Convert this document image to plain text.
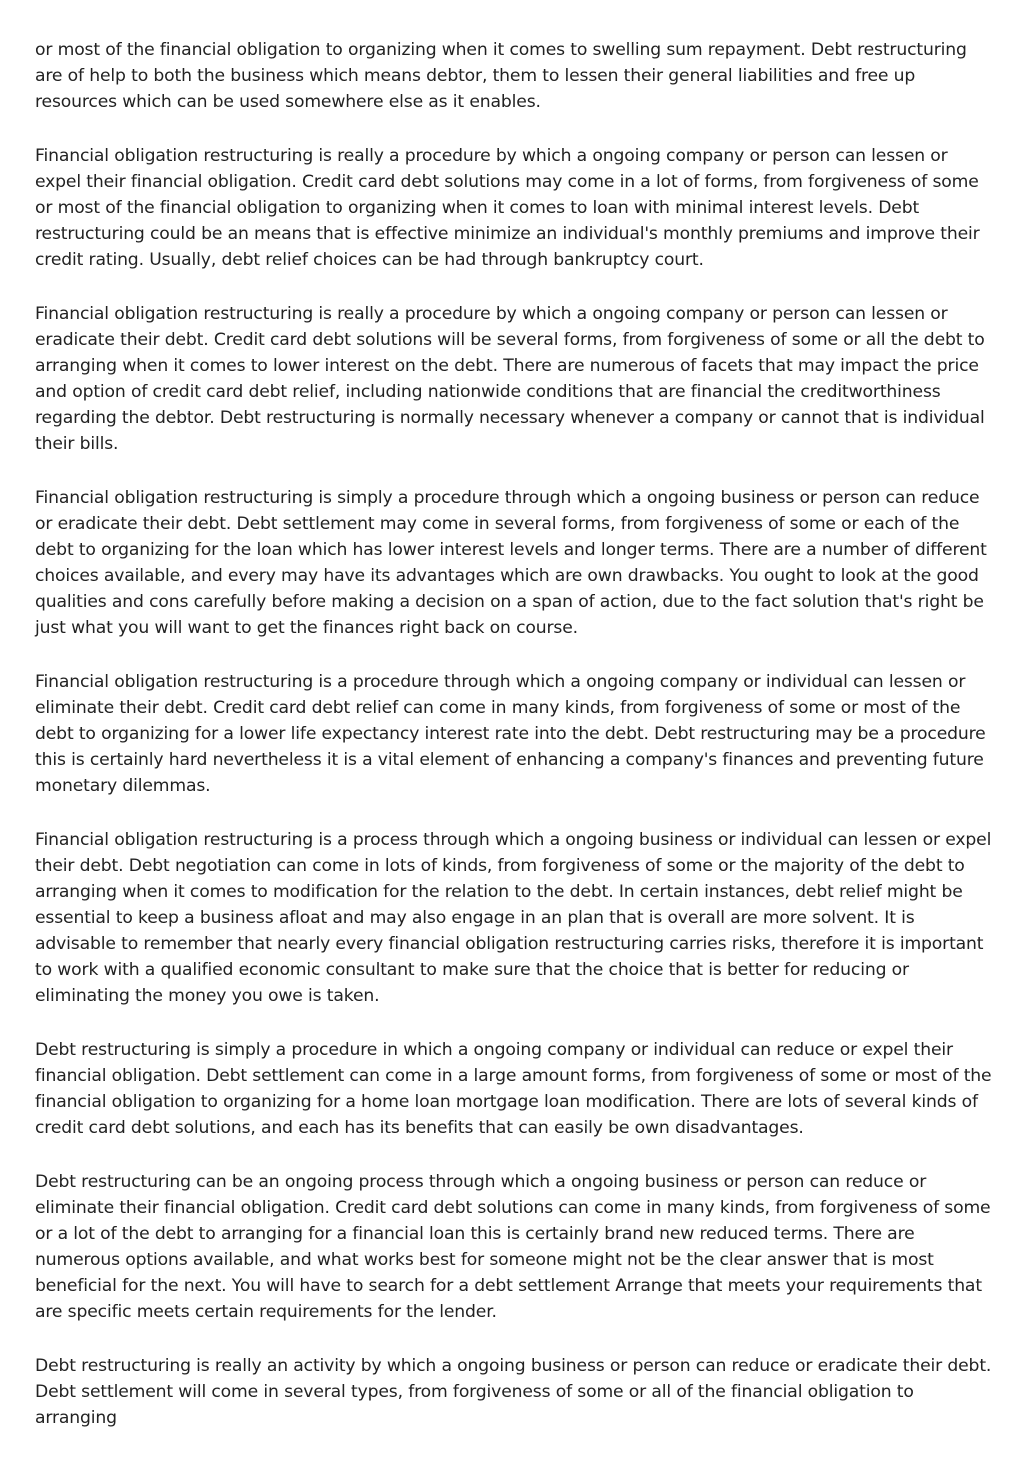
or most of the financial obligation to organizing when it comes to swelling sum repayment. Debt restructuring are of help to both the business which means debtor, them to lessen their general liabilities and free up resources which can be used somewhere else as it enables.

Financial obligation restructuring is really a procedure by which a ongoing company or person can lessen or expel their financial obligation. Credit card debt solutions may come in a lot of forms, from forgiveness of some or most of the financial obligation to organizing when it comes to loan with minimal interest levels. Debt restructuring could be an means that is effective minimize an individual's monthly premiums and improve their credit rating. Usually, debt relief choices can be had through bankruptcy court.

Financial obligation restructuring is really a procedure by which a ongoing company or person can lessen or eradicate their debt. Credit card debt solutions will be several forms, from forgiveness of some or all the debt to arranging when it comes to lower interest on the debt. There are numerous of facets that may impact the price and option of credit card debt relief, including nationwide conditions that are financial the creditworthiness regarding the debtor. Debt restructuring is normally necessary whenever a company or cannot that is individual their bills.

Financial obligation restructuring is simply a procedure through which a ongoing business or person can reduce or eradicate their debt. Debt settlement may come in several forms, from forgiveness of some or each of the debt to organizing for the loan which has lower interest levels and longer terms. There are a number of different choices available, and every may have its advantages which are own drawbacks. You ought to look at the good qualities and cons carefully before making a decision on a span of action, due to the fact solution that's right be just what you will want to get the finances right back on course.

Financial obligation restructuring is a procedure through which a ongoing company or individual can lessen or eliminate their debt. Credit card debt relief can come in many kinds, from forgiveness of some or most of the debt to organizing for a lower life expectancy interest rate into the debt. Debt restructuring may be a procedure this is certainly hard nevertheless it is a vital element of enhancing a company's finances and preventing future monetary dilemmas.

Financial obligation restructuring is a process through which a ongoing business or individual can lessen or expel their debt. Debt negotiation can come in lots of kinds, from forgiveness of some or the majority of the debt to arranging when it comes to modification for the relation to the debt. In certain instances, debt relief might be essential to keep a business afloat and may also engage in an plan that is overall are more solvent. It is advisable to remember that nearly every financial obligation restructuring carries risks, therefore it is important to work with a qualified economic consultant to make sure that the choice that is better for reducing or eliminating the money you owe is taken.

Debt restructuring is simply a procedure in which a ongoing company or individual can reduce or expel their financial obligation. Debt settlement can come in a large amount forms, from forgiveness of some or most of the financial obligation to organizing for a home loan mortgage loan modification. There are lots of several kinds of credit card debt solutions, and each has its benefits that can easily be own disadvantages.

Debt restructuring can be an ongoing process through which a ongoing business or person can reduce or eliminate their financial obligation. Credit card debt solutions can come in many kinds, from forgiveness of some or a lot of the debt to arranging for a financial loan this is certainly brand new reduced terms. There are numerous options available, and what works best for someone might not be the clear answer that is most beneficial for the next. You will have to search for a debt settlement Arrange that meets your requirements that are specific meets certain requirements for the lender.

Debt restructuring is really an activity by which a ongoing business or person can reduce or eradicate their debt. Debt settlement will come in several types, from forgiveness of some or all of the financial obligation to arranging
